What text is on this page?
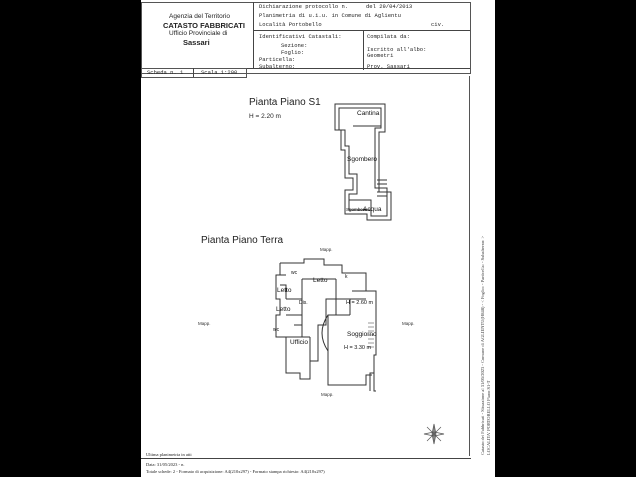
Agenzia del Territorio
CATASTO FABBRICATI
Ufficio Provinciale di
Sassari
Dichiarazione protocollo n.	del 29/04/2013
Planimetria di u.i.u. in Comune di Aglientu
Località Portobello	civ.
Identificativi Catastali:
Sezione:
Foglio:
Particella:
Subalterno:
Compilata da:
Iscritto all'albo:
Geometri
Prov. Sassari
Scheda n. 1	Scala 1:200
Pianta Piano S1
H = 2.20 m	Cantina
Sgombero
Sgombero
Acqua
Pianta Piano Terra
wc
Letto
Letto
k
Dis.	H = 2.60 m
Letto
wc
Ufficio
Soggiorno
H = 3.30 m
Mapp.
Mapp.	Mapp.
Mapp.
Ultima planimetria in atti
Data: 31/05/2023 - n.
Totale schede: 2 - Formato di acquisizione: A4(210x297) - Formato stampa richiesto: A4(210x297)
Catasto dei Fabbricati - Situazione al 31/05/2023 - Comune di AGLIENTU(H848) - < Foglio: - Particella: - Subalterno: > LOCALITA' PORTOBELLO Piano S1-T
